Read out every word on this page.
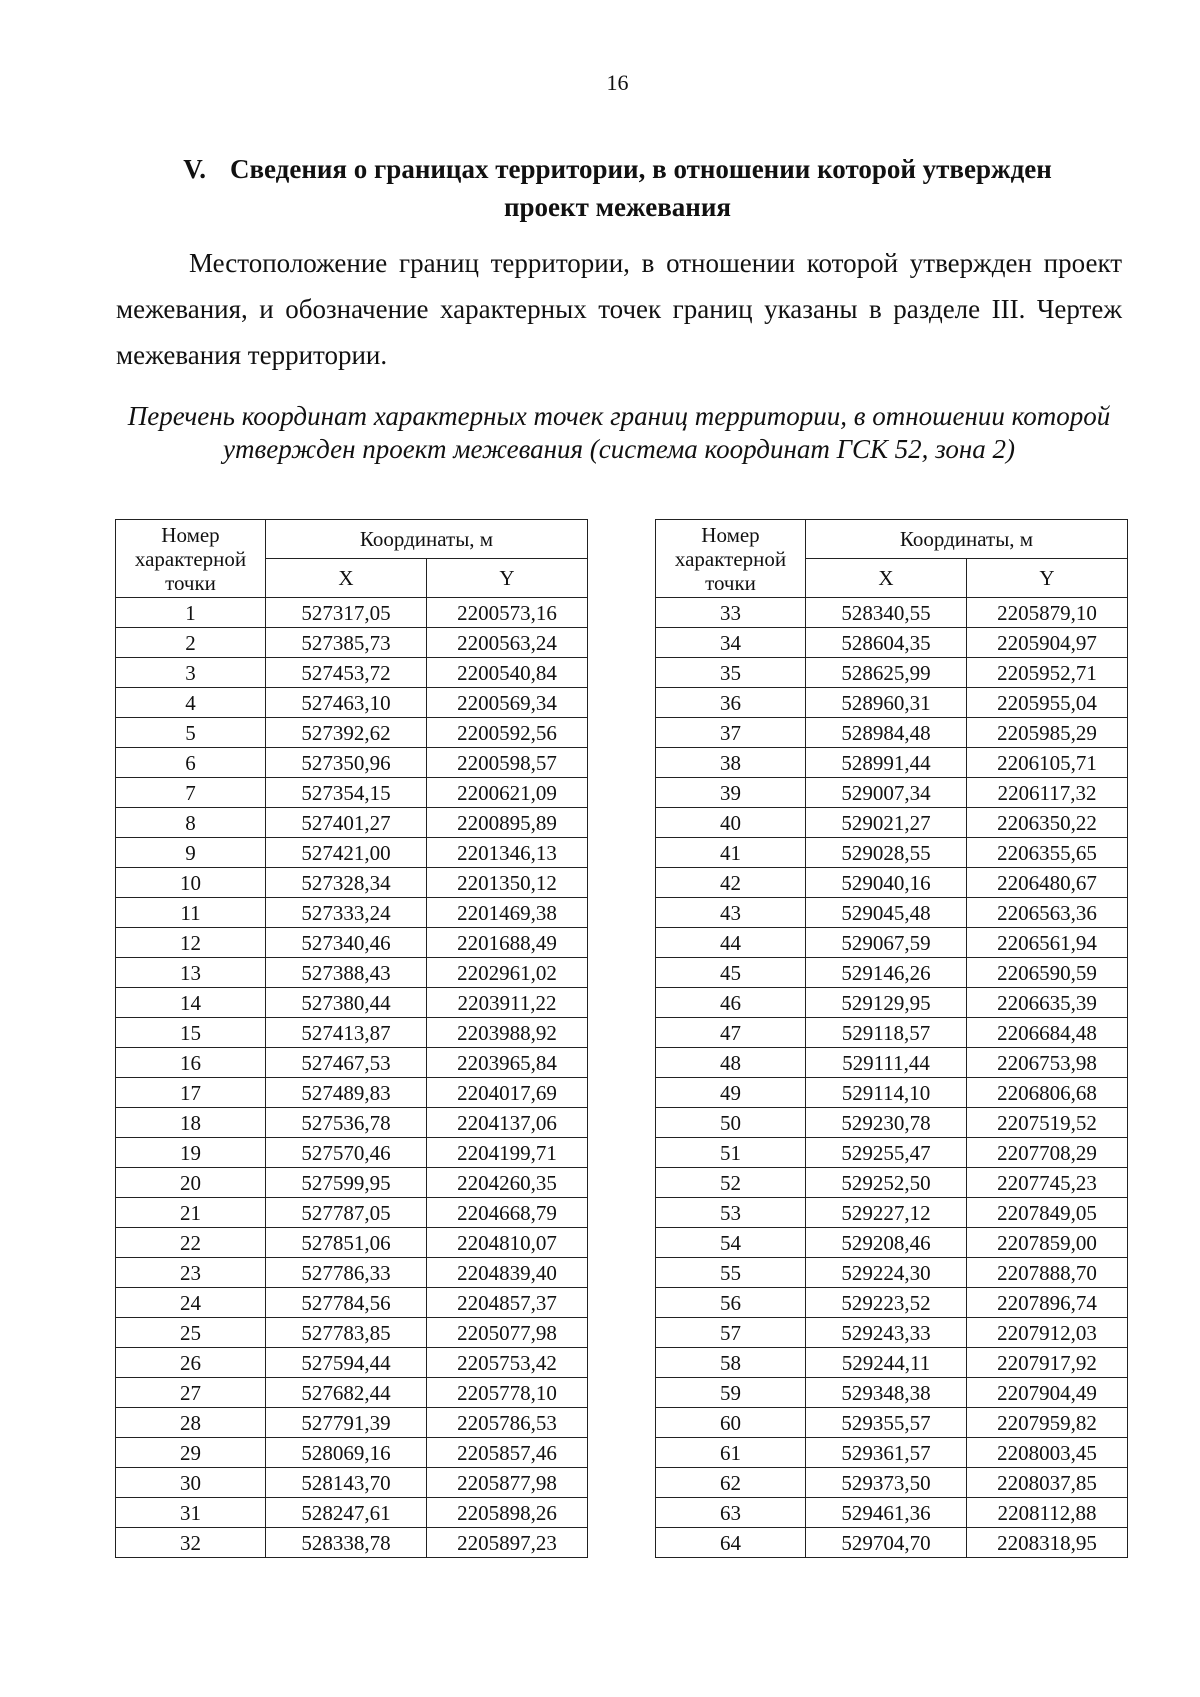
16
V. Сведения о границах территории, в отношении которой утвержден проект межевания

Местоположение границ территории, в отношении которой утвержден проект межевания, и обозначение характерных точек границ указаны в разделе III. Чертеж межевания территории.

Перечень координат характерных точек границ территории, в отношении которой утвержден проект межевания (система координат ГСК 52, зона 2)

Номер характерной точки	Координаты, м	
	X	Y
1	527317,05	2200573,16
2	527385,73	2200563,24
3	527453,72	2200540,84
4	527463,10	2200569,34
5	527392,62	2200592,56
6	527350,96	2200598,57
7	527354,15	2200621,09
8	527401,27	2200895,89
9	527421,00	2201346,13
10	527328,34	2201350,12
11	527333,24	2201469,38
12	527340,46	2201688,49
13	527388,43	2202961,02
14	527380,44	2203911,22
15	527413,87	2203988,92
16	527467,53	2203965,84
17	527489,83	2204017,69
18	527536,78	2204137,06
19	527570,46	2204199,71
20	527599,95	2204260,35
21	527787,05	2204668,79
22	527851,06	2204810,07
23	527786,33	2204839,40
24	527784,56	2204857,37
25	527783,85	2205077,98
26	527594,44	2205753,42
27	527682,44	2205778,10
28	527791,39	2205786,53
29	528069,16	2205857,46
30	528143,70	2205877,98
31	528247,61	2205898,26
32	528338,78	2205897,23
Номер характерной точки	Координаты, м	
	X	Y
33	528340,55	2205879,10
34	528604,35	2205904,97
35	528625,99	2205952,71
36	528960,31	2205955,04
37	528984,48	2205985,29
38	528991,44	2206105,71
39	529007,34	2206117,32
40	529021,27	2206350,22
41	529028,55	2206355,65
42	529040,16	2206480,67
43	529045,48	2206563,36
44	529067,59	2206561,94
45	529146,26	2206590,59
46	529129,95	2206635,39
47	529118,57	2206684,48
48	529111,44	2206753,98
49	529114,10	2206806,68
50	529230,78	2207519,52
51	529255,47	2207708,29
52	529252,50	2207745,23
53	529227,12	2207849,05
54	529208,46	2207859,00
55	529224,30	2207888,70
56	529223,52	2207896,74
57	529243,33	2207912,03
58	529244,11	2207917,92
59	529348,38	2207904,49
60	529355,57	2207959,82
61	529361,57	2208003,45
62	529373,50	2208037,85
63	529461,36	2208112,88
64	529704,70	2208318,95
